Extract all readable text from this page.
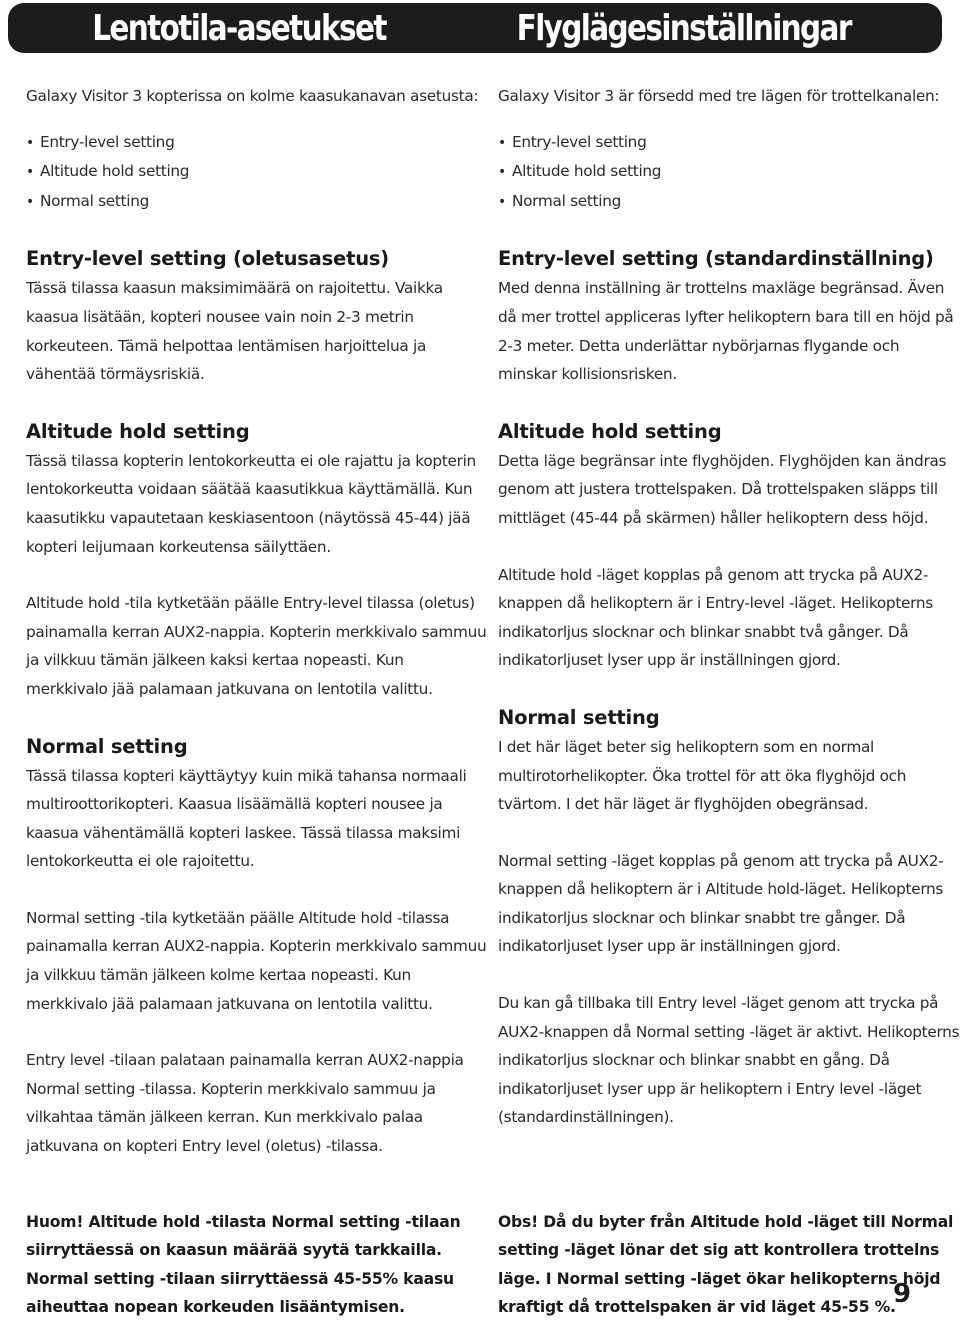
Lentotila-asetukset	Flyglägesinställningar

Galaxy Visitor 3 kopterissa on kolme kaasukanavan asetusta:

• Entry-level setting
• Altitude hold setting
• Normal setting

Entry-level setting (oletusasetus)

Tässä tilassa kaasun maksimimäärä on rajoitettu. Vaikka kaasua lisätään, kopteri nousee vain noin 2-3 metrin korkeuteen. Tämä helpottaa lentämisen harjoittelua ja vähentää törmäysriskiä.

Altitude hold setting

Tässä tilassa kopterin lentokorkeutta ei ole rajattu ja kopterin lentokorkeutta voidaan säätää kaasutikkua käyttämällä. Kun kaasutikku vapautetaan keskiasentoon (näytössä 45-44) jää kopteri leijumaan korkeutensa säilyttäen.

Altitude hold -tila kytketään päälle Entry-level tilassa (oletus) painamalla kerran AUX2-nappia. Kopterin merkkivalo sammuu ja vilkkuu tämän jälkeen kaksi kertaa nopeasti. Kun merkkivalo jää palamaan jatkuvana on lentotila valittu.

Normal setting

Tässä tilassa kopteri käyttäytyy kuin mikä tahansa normaali multiroottorikopteri. Kaasua lisäämällä kopteri nousee ja kaasua vähentämällä kopteri laskee. Tässä tilassa maksimi lentokorkeutta ei ole rajoitettu.

Normal setting -tila kytketään päälle Altitude hold -tilassa painamalla kerran AUX2-nappia. Kopterin merkkivalo sammuu ja vilkkuu tämän jälkeen kolme kertaa nopeasti. Kun merkkivalo jää palamaan jatkuvana on lentotila valittu.

Entry level -tilaan palataan painamalla kerran AUX2-nappia Normal setting -tilassa. Kopterin merkkivalo sammuu ja vilkahtaa tämän jälkeen kerran. Kun merkkivalo palaa jatkuvana on kopteri Entry level (oletus) -tilassa.

Galaxy Visitor 3 är försedd med tre lägen för trottelkanalen:

• Entry-level setting
• Altitude hold setting
• Normal setting

Entry-level setting (standardinställning)

Med denna inställning är trottelns maxläge begränsad. Även då mer trottel appliceras lyfter helikoptern bara till en höjd på 2-3 meter. Detta underlättar nybörjarnas flygande och minskar kollisionsrisken.

Altitude hold setting

Detta läge begränsar inte flyghöjden. Flyghöjden kan ändras genom att justera trottelspaken. Då trottelspaken släpps till mittläget (45-44 på skärmen) håller helikoptern dess höjd.

Altitude hold -läget kopplas på genom att trycka på AUX2-knappen då helikoptern är i Entry-level -läget. Helikopterns indikatorljus slocknar och blinkar snabbt två gånger. Då indikatorljuset lyser upp är inställningen gjord.

Normal setting

I det här läget beter sig helikoptern som en normal multirotorhelikopter. Öka trottel för att öka flyghöjd och tvärtom. I det här läget är flyghöjden obegränsad.

Normal setting -läget kopplas på genom att trycka på AUX2-knappen då helikoptern är i Altitude hold-läget. Helikopterns indikatorljus slocknar och blinkar snabbt tre gånger. Då indikatorljuset lyser upp är inställningen gjord.

Du kan gå tillbaka till Entry level -läget genom att trycka på AUX2-knappen då Normal setting -läget är aktivt. Helikopterns indikatorljus slocknar och blinkar snabbt en gång. Då indikatorljuset lyser upp är helikoptern i Entry level -läget (standardinställningen).

Huom! Altitude hold -tilasta Normal setting -tilaan siirryttäessä on kaasun määrää syytä tarkkailla. Normal setting -tilaan siirryttäessä 45-55% kaasu aiheuttaa nopean korkeuden lisääntymisen.

Obs! Då du byter från Altitude hold -läget till Normal setting -läget lönar det sig att kontrollera trottelns läge. I Normal setting -läget ökar helikopterns höjd kraftigt då trottelspaken är vid läget 45-55 %.

9
